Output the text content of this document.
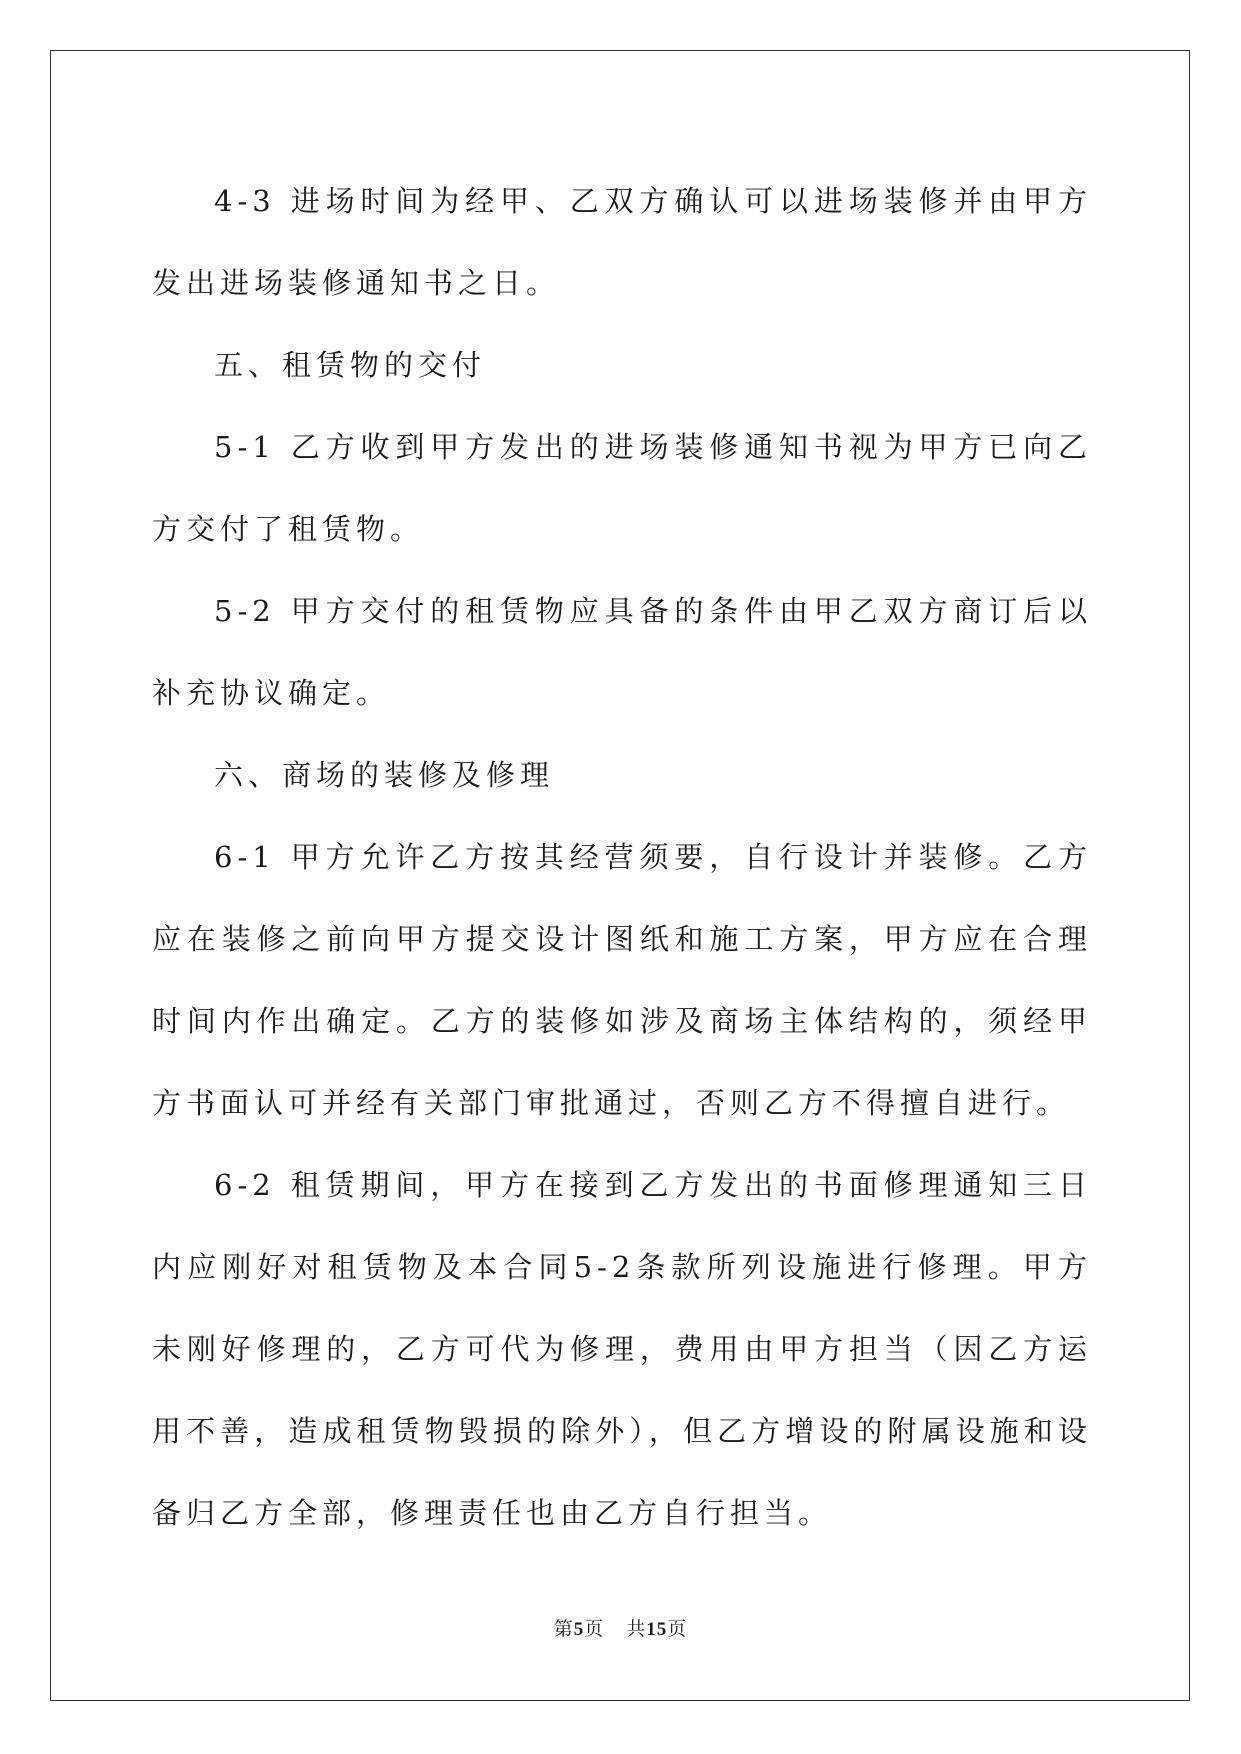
4-3 进场时间为经甲、乙双方确认可以进场装修并由甲方发出进场装修通知书之日。

五、租赁物的交付

5-1 乙方收到甲方发出的进场装修通知书视为甲方已向乙方交付了租赁物。

5-2 甲方交付的租赁物应具备的条件由甲乙双方商订后以补充协议确定。

六、商场的装修及修理

6-1 甲方允许乙方按其经营须要，自行设计并装修。乙方应在装修之前向甲方提交设计图纸和施工方案，甲方应在合理时间内作出确定。乙方的装修如涉及商场主体结构的，须经甲方书面认可并经有关部门审批通过，否则乙方不得擅自进行。

6-2 租赁期间，甲方在接到乙方发出的书面修理通知三日内应刚好对租赁物及本合同5-2条款所列设施进行修理。甲方未刚好修理的，乙方可代为修理，费用由甲方担当（因乙方运用不善，造成租赁物毁损的除外），但乙方增设的附属设施和设备归乙方全部，修理责任也由乙方自行担当。

第5页 共15页
